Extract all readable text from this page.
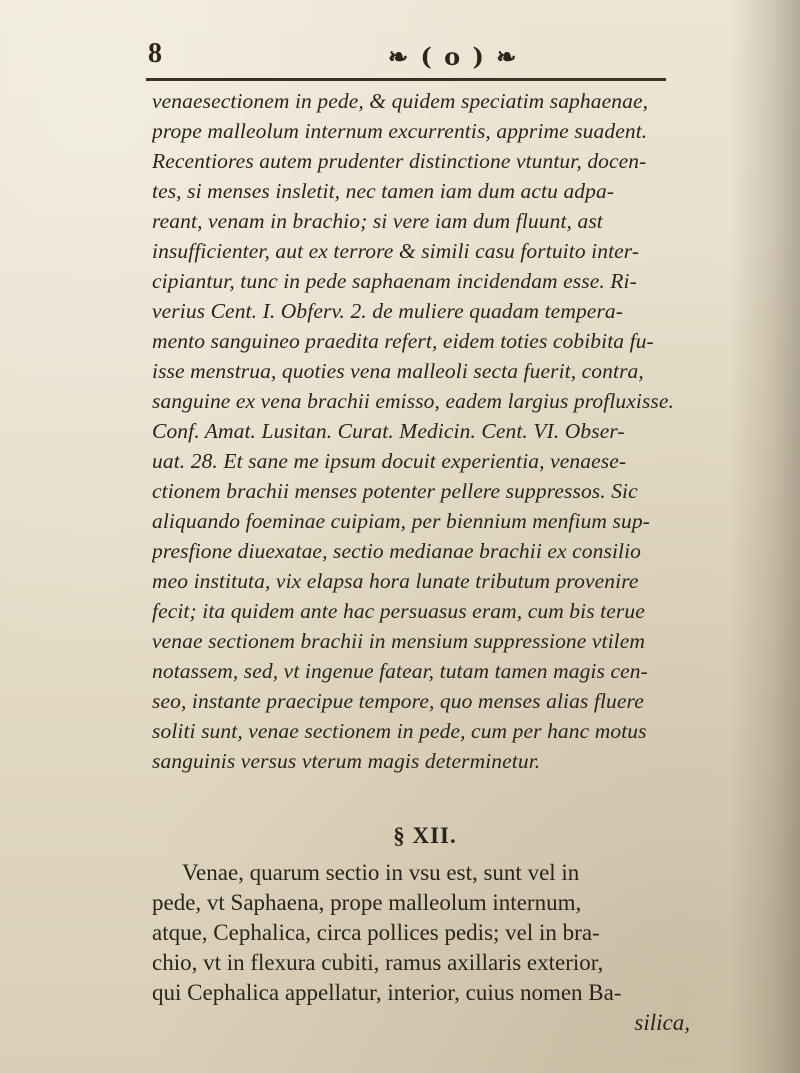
8	❧ ( o ) ❧
venaesectionem in pede, & quidem speciatim saphaenae,
prope malleolum internum excurrentis, apprime suadent.
Recentiores autem prudenter distinctione vtuntur, docen-
tes, si menses insletit, nec tamen iam dum actu adpa-
reant, venam in brachio; si vere iam dum fluunt, ast
insufficienter, aut ex terrore & simili casu fortuito inter-
cipiantur, tunc in pede saphaenam incidendam esse. Ri-
verius Cent. I. Obferv. 2. de muliere quadam tempera-
mento sanguineo praedita refert, eidem toties cobibita fu-
isse menstrua, quoties vena malleoli secta fuerit, contra,
sanguine ex vena brachii emisso, eadem largius profluxisse.
Conf. Amat. Lusitan. Curat. Medicin. Cent. VI. Obser-
uat. 28. Et sane me ipsum docuit experientia, venaese-
ctionem brachii menses potenter pellere suppressos. Sic
aliquando foeminae cuipiam, per biennium menfium sup-
presfione diuexatae, sectio medianae brachii ex consilio
meo instituta, vix elapsa hora lunate tributum provenire
fecit; ita quidem ante hac persuasus eram, cum bis terue
venae sectionem brachii in mensium suppressione vtilem
notassem, sed, vt ingenue fatear, tutam tamen magis cen-
seo, instante praecipue tempore, quo menses alias fluere
soliti sunt, venae sectionem in pede, cum per hanc motus
sanguinis versus vterum magis determinetur.
§ XII.
Venae, quarum sectio in vsu est, sunt vel in
pede, vt Saphaena, prope malleolum internum,
atque, Cephalica, circa pollices pedis; vel in bra-
chio, vt in flexura cubiti, ramus axillaris exterior,
qui Cephalica appellatur, interior, cuius nomen Ba-
silica,
